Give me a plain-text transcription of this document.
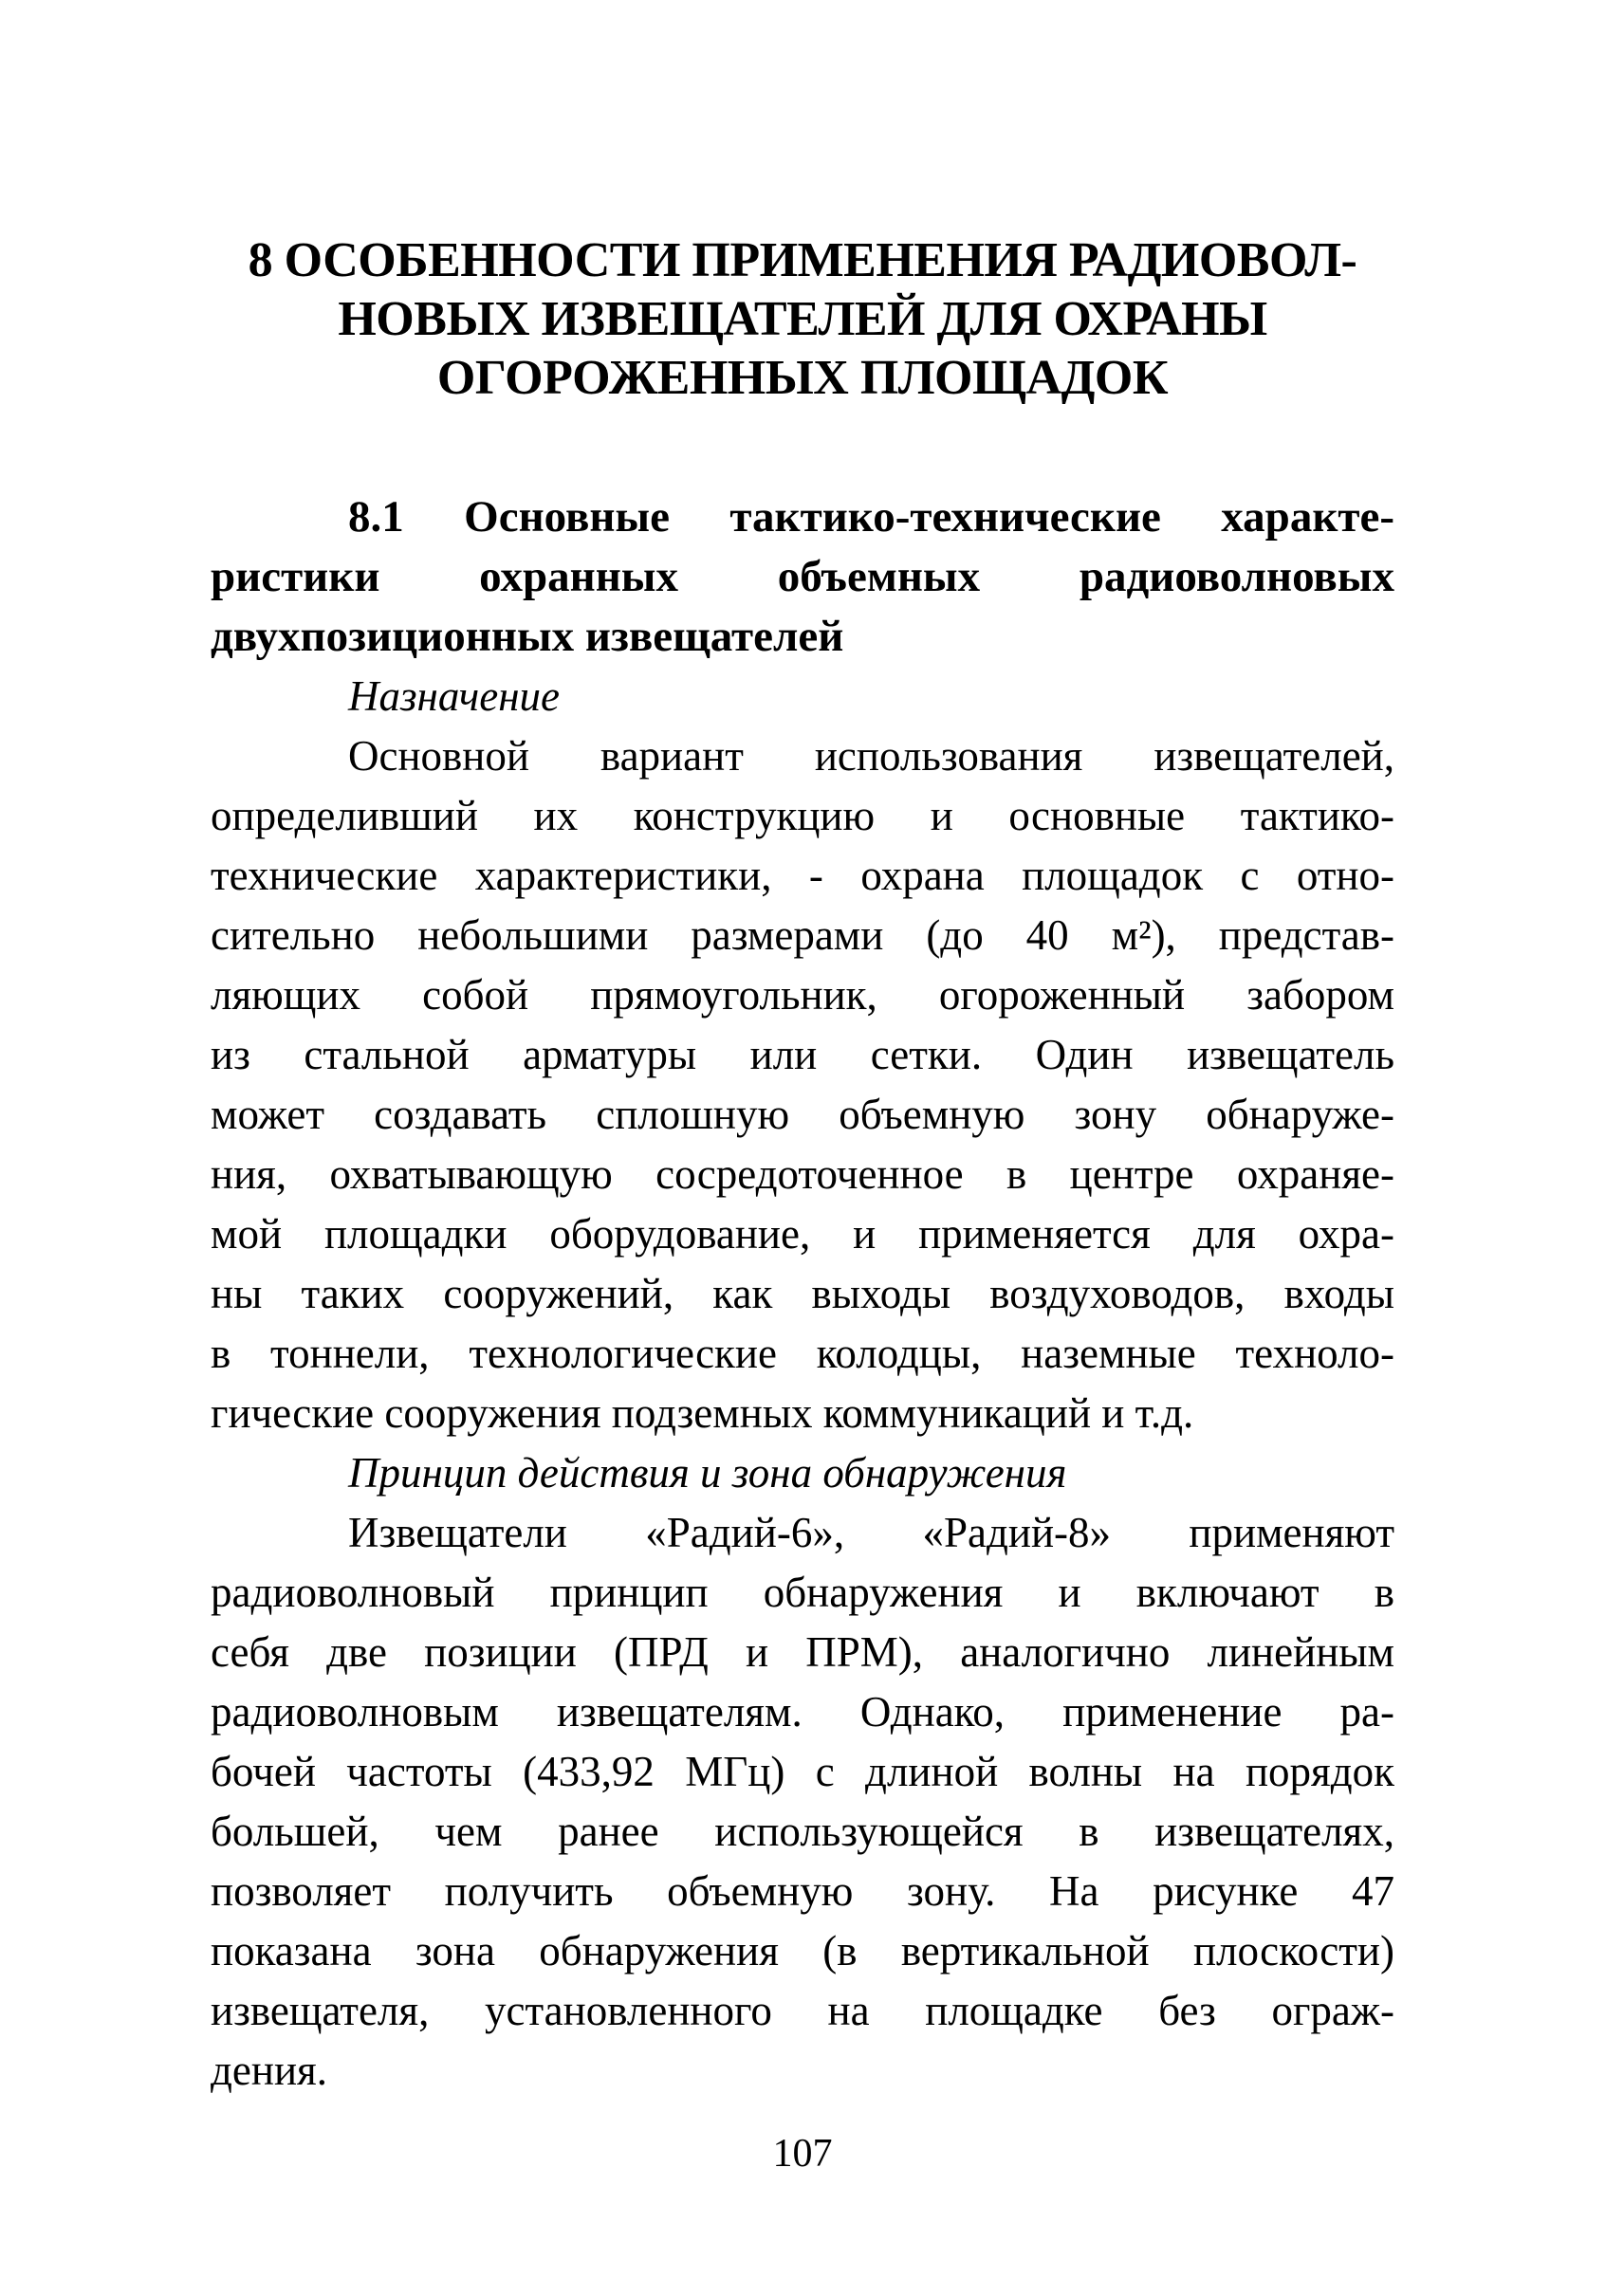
8 ОСОБЕННОСТИ ПРИМЕНЕНИЯ РАДИОВОЛ-
НОВЫХ ИЗВЕЩАТЕЛЕЙ ДЛЯ ОХРАНЫ
ОГОРОЖЕННЫХ ПЛОЩАДОК
8.1 Основные тактико-технические характе-
ристики охранных объемных радиоволновых
двухпозиционных извещателей
Назначение
Основной вариант использования извещателей,
определивший их конструкцию и основные тактико-
технические характеристики, - охрана площадок с отно-
сительно небольшими размерами (до 40 м²), представ-
ляющих собой прямоугольник, огороженный забором
из стальной арматуры или сетки. Один извещатель
может создавать сплошную объемную зону обнаруже-
ния, охватывающую сосредоточенное в центре охраняе-
мой площадки оборудование, и применяется для охра-
ны таких сооружений, как выходы воздуховодов, входы
в тоннели, технологические колодцы, наземные техноло-
гические сооружения подземных коммуникаций и т.д.
Принцип действия и зона обнаружения
Извещатели «Радий-6», «Радий-8» применяют
радиоволновый принцип обнаружения и включают в
себя две позиции (ПРД и ПРМ), аналогично линейным
радиоволновым извещателям. Однако, применение ра-
бочей частоты (433,92 МГц) с длиной волны на порядок
большей, чем ранее использующейся в извещателях,
позволяет получить объемную зону. На рисунке 47
показана зона обнаружения (в вертикальной плоскости)
извещателя, установленного на площадке без ограж-
дения.
107
